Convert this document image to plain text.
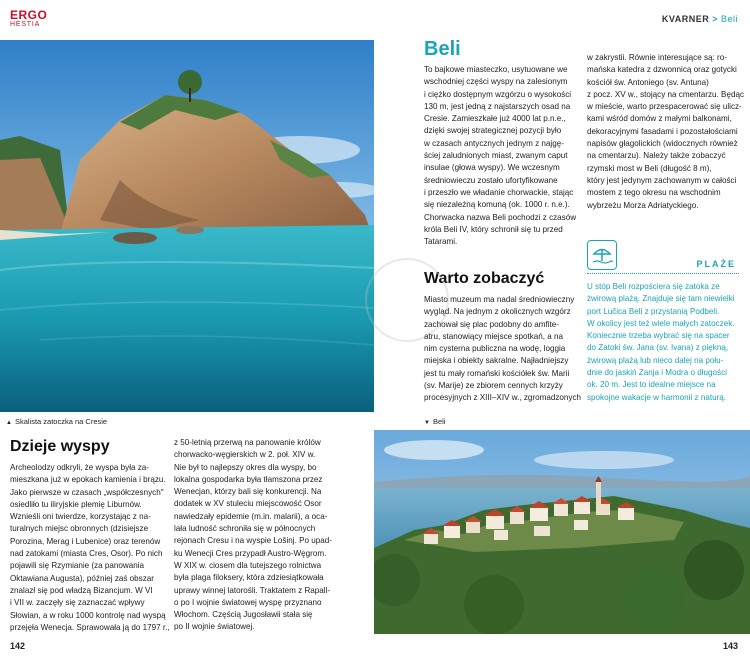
ERGO
HESTIA
KVARNER > Beli
▲ Skalista zatoczka na Cresie
Beli

To bajkowe miasteczko, usytuowane we

wschodniej części wyspy na zalesionym

i ciężko dostępnym wzgórzu o wysokości

130 m, jest jedną z najstarszych osad na

Cresie. Zamieszkałe już 4000 lat p.n.e.,

dzięki swojej strategicznej pozycji było

w czasach antycznych jednym z najgę-

ściej zaludnionych miast, zwanym caput

insulae (głowa wyspy). We wczesnym

średniowieczu zostało ufortyfikowane

i przeszło we władanie chorwackie, stając

się niezależną komuną (ok. 1000 r. n.e.).

Chorwacka nazwa Beli pochodzi z czasów

króla Beli IV, który schronił się tu przed

Tatarami.

w zakrystii. Równie interesujące są: ro-

mańska katedra z dzwonnicą oraz gotycki

kościół św. Antoniego (sv. Antuna)

z pocz. XV w., stojący na cmentarzu. Będąc

w mieście, warto przespacerować się ulicz-

kami wśród domów z małymi balkonami,

dekoracyjnymi fasadami i pozostałościami

napisów głagolickich (widocznych również

na cmentarzu). Należy także zobaczyć

rzymski most w Beli (długość 8 m),

który jest jedynym zachowanym w całości

mostem z tego okresu na wschodnim

wybrzeżu Morza Adriatyckiego.

PLAŻE

U stóp Beli rozpościera się zatoka ze

żwirową plażą. Znajduje się tam niewielki

port Lučica Beli z przystanią Podbeli.

W okolicy jest też wiele małych zatoczek.

Koniecznie trzeba wybrać się na spacer

do Zatoki św. Jana (sv. Ivana) z piękną,

żwirową plażą lub nieco dalej na połu-

dnie do jaskiń Zanja i Modra o długości

ok. 20 m. Jest to idealne miejsce na

spokojne wakacje w harmonii z naturą.

Warto zobaczyć

Miasto muzeum ma nadal średniowieczny

wygląd. Na jednym z okolicznych wzgórz

zachował się plac podobny do amfite-

atru, stanowiący miejsce spotkań, a na

nim cysterna publiczna na wodę, loggia

miejska i obiekty sakralne. Najładniejszy

jest tu mały romański kościółek św. Marii

(sv. Marije) ze zbiorem cennych krzyży

procesyjnych z XIII–XIV w., zgromadzonych

▼ Beli
Dzieje wyspy

Archeolodzy odkryli, że wyspa była za-

mieszkana już w epokach kamienia i brązu.

Jako pierwsze w czasach „współczesnych"

osiedliło tu iliryjskie plemię Liburnów.

Wznieśli oni twierdze, korzystając z na-

turalnych miejsc obronnych (dzisiejsze

Porozina, Merag i Lubenice) oraz terenów

nad zatokami (miasta Cres, Osor). Po nich

pojawili się Rzymianie (za panowania

Oktawiana Augusta), później zaś obszar

znalazł się pod władzą Bizancjum. W VI

i VII w. zaczęły się zaznaczać wpływy

Słowian, a w roku 1000 kontrolę nad wyspą

przejęła Wenecja. Sprawowała ją do 1797 r.,

z 50-letnią przerwą na panowanie królów

chorwacko-węgierskich w 2. poł. XIV w.

Nie był to najlepszy okres dla wyspy, bo

lokalna gospodarka była tłamszona przez

Wenecjan, którzy bali się konkurencji. Na

dodatek w XV stuleciu miejscowość Osor

nawiedzały epidemie (m.in. malarii), a oca-

lała ludność schroniła się w północnych

rejonach Cresu i na wyspie Lošinj. Po upad-

ku Wenecji Cres przypadł Austro-Węgrom.

W XIX w. ciosem dla tutejszego rolnictwa

była plaga filoksery, która zdziesiątkowała

uprawy winnej latorośli. Traktatem z Rapall-

o po I wojnie światowej wyspę przyznano

Włochom. Częścią Jugosławii stała się

po II wojnie światowej.

142	143
